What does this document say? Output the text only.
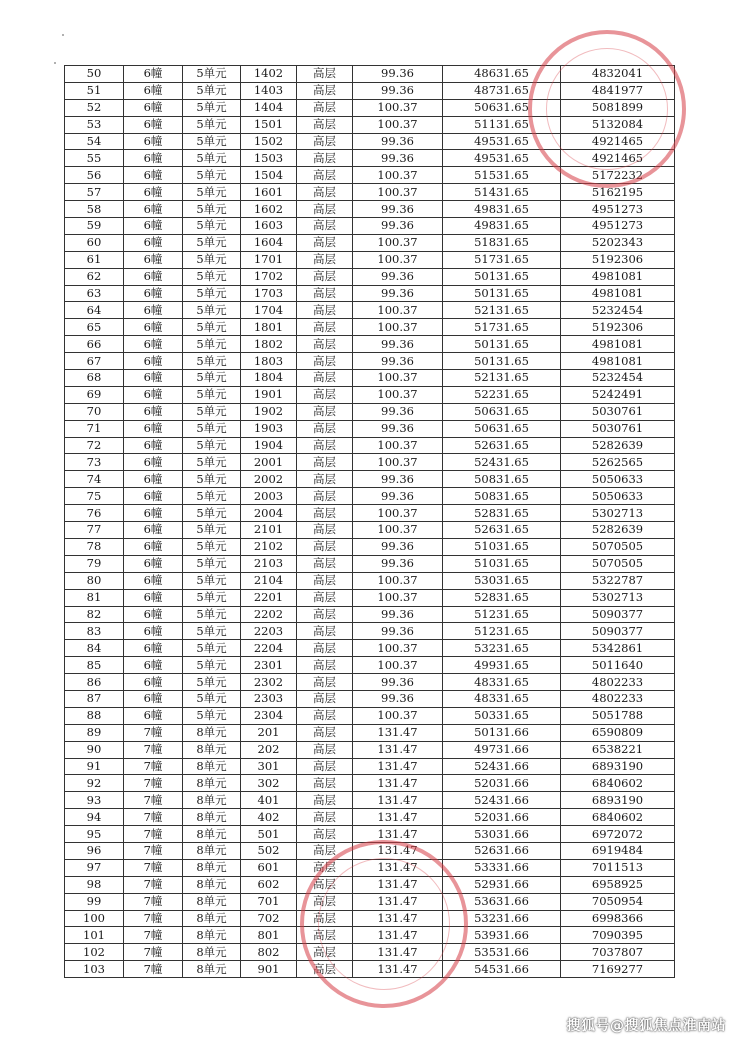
50	6幢	5单元	1402	高层	99.36	48631.65	4832041
51	6幢	5单元	1403	高层	99.36	48731.65	4841977
52	6幢	5单元	1404	高层	100.37	50631.65	5081899
53	6幢	5单元	1501	高层	100.37	51131.65	5132084
54	6幢	5单元	1502	高层	99.36	49531.65	4921465
55	6幢	5单元	1503	高层	99.36	49531.65	4921465
56	6幢	5单元	1504	高层	100.37	51531.65	5172232
57	6幢	5单元	1601	高层	100.37	51431.65	5162195
58	6幢	5单元	1602	高层	99.36	49831.65	4951273
59	6幢	5单元	1603	高层	99.36	49831.65	4951273
60	6幢	5单元	1604	高层	100.37	51831.65	5202343
61	6幢	5单元	1701	高层	100.37	51731.65	5192306
62	6幢	5单元	1702	高层	99.36	50131.65	4981081
63	6幢	5单元	1703	高层	99.36	50131.65	4981081
64	6幢	5单元	1704	高层	100.37	52131.65	5232454
65	6幢	5单元	1801	高层	100.37	51731.65	5192306
66	6幢	5单元	1802	高层	99.36	50131.65	4981081
67	6幢	5单元	1803	高层	99.36	50131.65	4981081
68	6幢	5单元	1804	高层	100.37	52131.65	5232454
69	6幢	5单元	1901	高层	100.37	52231.65	5242491
70	6幢	5单元	1902	高层	99.36	50631.65	5030761
71	6幢	5单元	1903	高层	99.36	50631.65	5030761
72	6幢	5单元	1904	高层	100.37	52631.65	5282639
73	6幢	5单元	2001	高层	100.37	52431.65	5262565
74	6幢	5单元	2002	高层	99.36	50831.65	5050633
75	6幢	5单元	2003	高层	99.36	50831.65	5050633
76	6幢	5单元	2004	高层	100.37	52831.65	5302713
77	6幢	5单元	2101	高层	100.37	52631.65	5282639
78	6幢	5单元	2102	高层	99.36	51031.65	5070505
79	6幢	5单元	2103	高层	99.36	51031.65	5070505
80	6幢	5单元	2104	高层	100.37	53031.65	5322787
81	6幢	5单元	2201	高层	100.37	52831.65	5302713
82	6幢	5单元	2202	高层	99.36	51231.65	5090377
83	6幢	5单元	2203	高层	99.36	51231.65	5090377
84	6幢	5单元	2204	高层	100.37	53231.65	5342861
85	6幢	5单元	2301	高层	100.37	49931.65	5011640
86	6幢	5单元	2302	高层	99.36	48331.65	4802233
87	6幢	5单元	2303	高层	99.36	48331.65	4802233
88	6幢	5单元	2304	高层	100.37	50331.65	5051788
89	7幢	8单元	201	高层	131.47	50131.66	6590809
90	7幢	8单元	202	高层	131.47	49731.66	6538221
91	7幢	8单元	301	高层	131.47	52431.66	6893190
92	7幢	8单元	302	高层	131.47	52031.66	6840602
93	7幢	8单元	401	高层	131.47	52431.66	6893190
94	7幢	8单元	402	高层	131.47	52031.66	6840602
95	7幢	8单元	501	高层	131.47	53031.66	6972072
96	7幢	8单元	502	高层	131.47	52631.66	6919484
97	7幢	8单元	601	高层	131.47	53331.66	7011513
98	7幢	8单元	602	高层	131.47	52931.66	6958925
99	7幢	8单元	701	高层	131.47	53631.66	7050954
100	7幢	8单元	702	高层	131.47	53231.66	6998366
101	7幢	8单元	801	高层	131.47	53931.66	7090395
102	7幢	8单元	802	高层	131.47	53531.66	7037807
103	7幢	8单元	901	高层	131.47	54531.66	7169277
搜狐号@搜狐焦点淮南站
